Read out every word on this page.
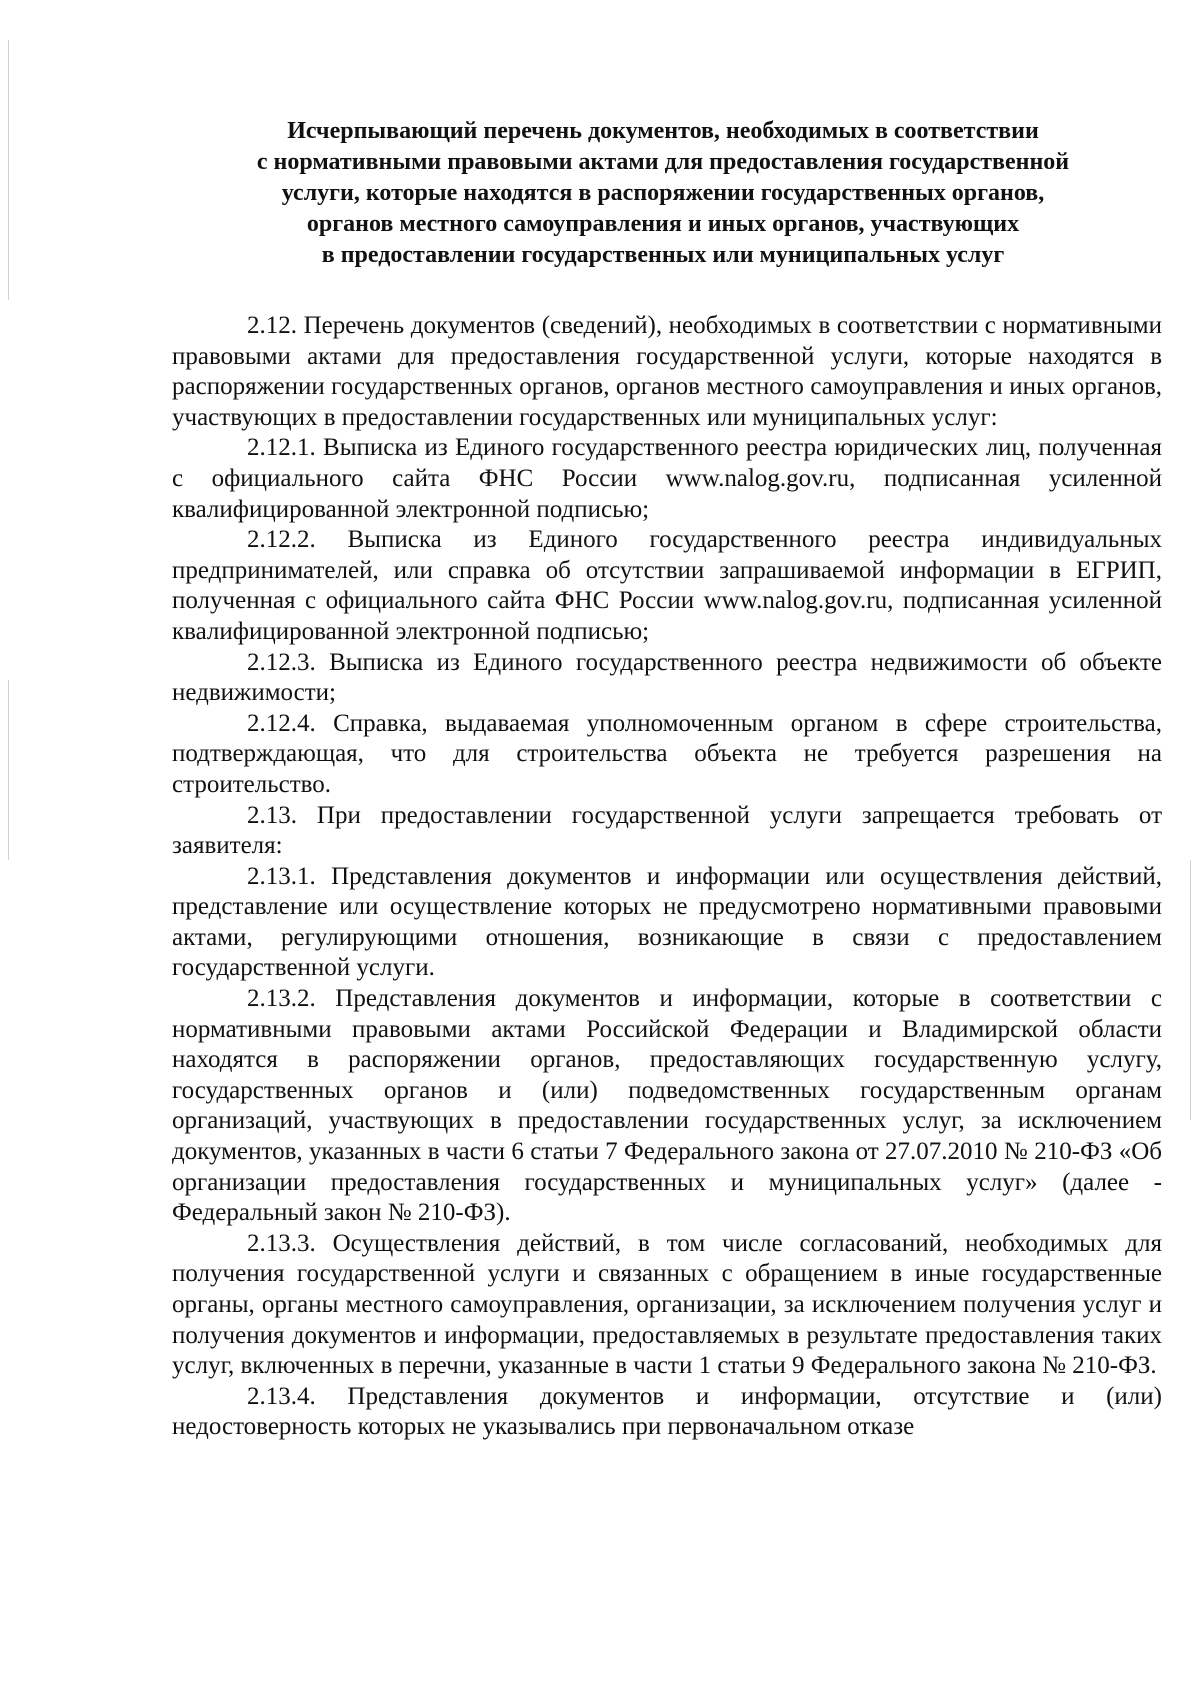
Исчерпывающий перечень документов, необходимых в соответствии
с нормативными правовыми актами для предоставления государственной
услуги, которые находятся в распоряжении государственных органов,
органов местного самоуправления и иных органов, участвующих
в предоставлении государственных или муниципальных услуг

2.12. Перечень документов (сведений), необходимых в соответствии с нормативными правовыми актами для предоставления государственной услуги, которые находятся в распоряжении государственных органов, органов местного самоуправления и иных органов, участвующих в предоставлении государственных или муниципальных услуг:

2.12.1. Выписка из Единого государственного реестра юридических лиц, полученная с официального сайта ФНС России www.nalog.gov.ru, подписанная усиленной квалифицированной электронной подписью;

2.12.2. Выписка из Единого государственного реестра индивидуальных предпринимателей, или справка об отсутствии запрашиваемой информации в ЕГРИП, полученная с официального сайта ФНС России www.nalog.gov.ru, подписанная усиленной квалифицированной электронной подписью;

2.12.3. Выписка из Единого государственного реестра недвижимости об объекте недвижимости;

2.12.4. Справка, выдаваемая уполномоченным органом в сфере строительства, подтверждающая, что для строительства объекта не требуется разрешения на строительство.

2.13. При предоставлении государственной услуги запрещается требовать от заявителя:

2.13.1. Представления документов и информации или осуществления действий, представление или осуществление которых не предусмотрено нормативными правовыми актами, регулирующими отношения, возникающие в связи с предоставлением государственной услуги.

2.13.2. Представления документов и информации, которые в соответствии с нормативными правовыми актами Российской Федерации и Владимирской области находятся в распоряжении органов, предоставляющих государственную услугу, государственных органов и (или) подведомственных государственным органам организаций, участвующих в предоставлении государственных услуг, за исключением документов, указанных в части 6 статьи 7 Федерального закона от 27.07.2010 № 210-ФЗ «Об организации предоставления государственных и муниципальных услуг» (далее - Федеральный закон № 210-ФЗ).

2.13.3. Осуществления действий, в том числе согласований, необходимых для получения государственной услуги и связанных с обращением в иные государственные органы, органы местного самоуправления, организации, за исключением получения услуг и получения документов и информации, предоставляемых в результате предоставления таких услуг, включенных в перечни, указанные в части 1 статьи 9 Федерального закона № 210-ФЗ.

2.13.4. Представления документов и информации, отсутствие и (или) недостоверность которых не указывались при первоначальном отказе
